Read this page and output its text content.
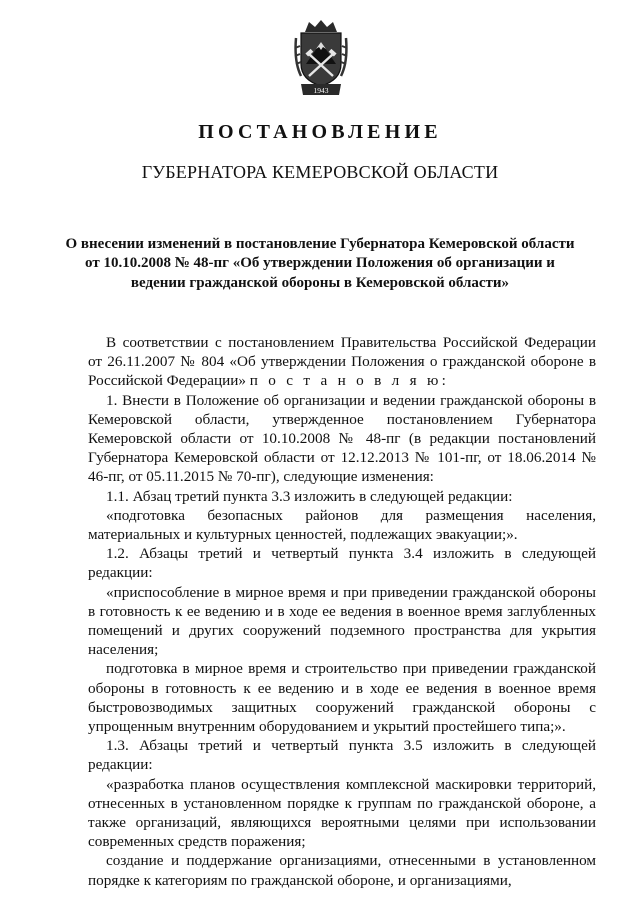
1943
ПОСТАНОВЛЕНИЕ
ГУБЕРНАТОРА КЕМЕРОВСКОЙ ОБЛАСТИ
О внесении изменений в постановление Губернатора Кемеровской области
от 10.10.2008 № 48-пг «Об утверждении Положения об организации и
ведении гражданской обороны в Кемеровской области»

В соответствии с постановлением Правительства Российской Федерации от 26.11.2007 № 804 «Об утверждении Положения о гражданской обороне в Российской Федерации» п о с т а н о в л я ю:

1. Внести в Положение об организации и ведении гражданской обороны в Кемеровской области, утвержденное постановлением Губернатора Кемеровской области от 10.10.2008 № 48-пг (в редакции постановлений Губернатора Кемеровской области от 12.12.2013 № 101-пг, от 18.06.2014 № 46-пг, от 05.11.2015 № 70-пг), следующие изменения:

1.1. Абзац третий пункта 3.3 изложить в следующей редакции:

«подготовка безопасных районов для размещения населения, материальных и культурных ценностей, подлежащих эвакуации;».

1.2. Абзацы третий и четвертый пункта 3.4 изложить в следующей редакции:

«приспособление в мирное время и при приведении гражданской обороны в готовность к ее ведению и в ходе ее ведения в военное время заглубленных помещений и других сооружений подземного пространства для укрытия населения;

подготовка в мирное время и строительство при приведении гражданской обороны в готовность к ее ведению и в ходе ее ведения в военное время быстровозводимых защитных сооружений гражданской обороны с упрощенным внутренним оборудованием и укрытий простейшего типа;».

1.3. Абзацы третий и четвертый пункта 3.5 изложить в следующей редакции:

«разработка планов осуществления комплексной маскировки территорий, отнесенных в установленном порядке к группам по гражданской обороне, а также организаций, являющихся вероятными целями при использовании современных средств поражения;

создание и поддержание организациями, отнесенными в установленном порядке к категориям по гражданской обороне, и организациями,
